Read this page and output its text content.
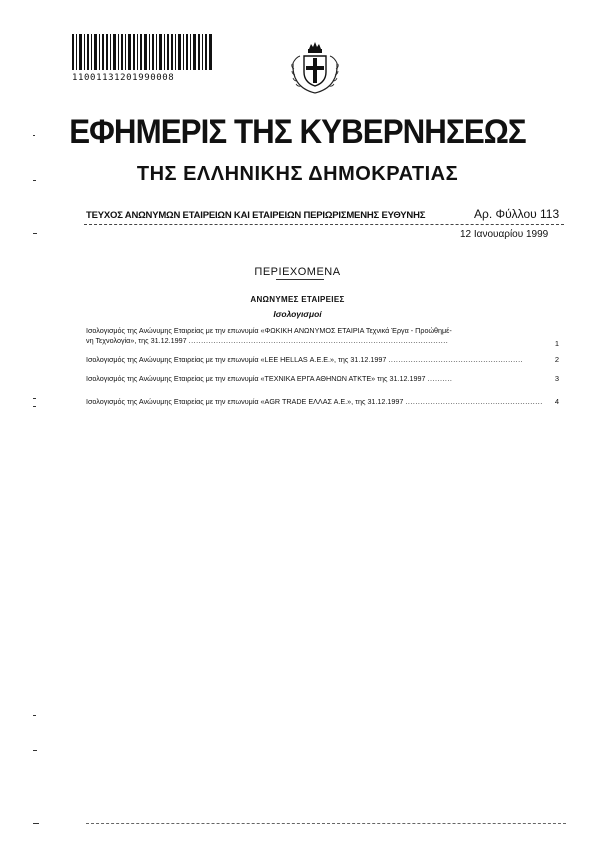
11001131201990008
ΕΦΗΜΕΡΙΣ ΤΗΣ ΚΥΒΕΡΝΗΣΕΩΣ
ΤΗΣ ΕΛΛΗΝΙΚΗΣ ΔΗΜΟΚΡΑΤΙΑΣ
ΤΕΥΧΟΣ ΑΝΩΝΥΜΩΝ ΕΤΑΙΡΕΙΩΝ ΚΑΙ ΕΤΑΙΡΕΙΩΝ ΠΕΡΙΩΡΙΣΜΕΝΗΣ ΕΥΘΥΝΗΣ	Αρ. Φύλλου 113
12 Ιανουαρίου 1999
ΠΕΡΙΕΧΟΜΕΝΑ
ΑΝΩΝΥΜΕΣ ΕΤΑΙΡΕΙΕΣ
Ισολογισμοί
Ισολογισμός της Ανώνυμης Εταιρείας με την επωνυμία «ΦΩΚΙΚΗ ΑΝΩΝΥΜΟΣ ΕΤΑΙΡΙΑ Τεχνικά Έργα - Προώθημέ-
νη Τεχνολογία», της 31.12.1997 ........................................................................................................	1
Ισολογισμός της Ανώνυμης Εταιρείας με την επωνυμία «LEE HELLAS Α.Ε.Ε.», της 31.12.1997 ......................................................	2
Ισολογισμός της Ανώνυμης Εταιρείας με την επωνυμία «ΤΕΧΝΙΚΑ ΕΡΓΑ ΑΘΗΝΩΝ ΑΤΚΤΕ» της 31.12.1997 ..........	3
Ισολογισμός της Ανώνυμης Εταιρείας με την επωνυμία «AGR TRADE ΕΛΛΑΣ Α.Ε.», της 31.12.1997 .......................................................	4
